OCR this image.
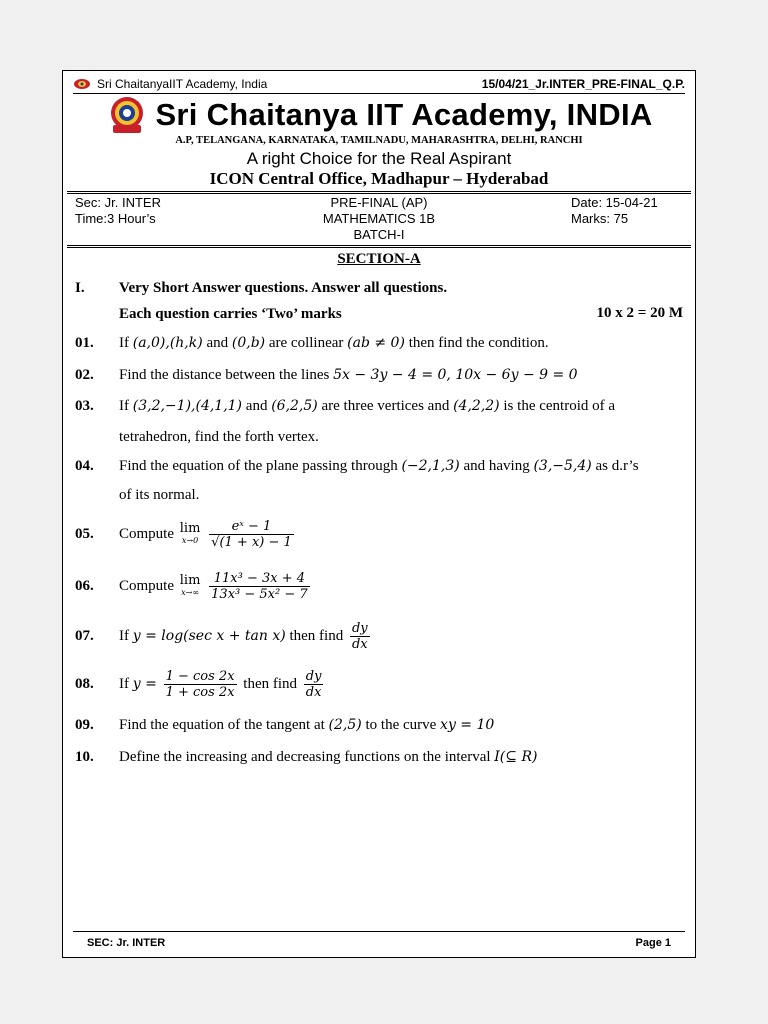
Sri ChaitanyaIIT Academy, India	15/04/21_Jr.INTER_PRE-FINAL_Q.P.
Sri Chaitanya IIT Academy, INDIA
A.P, TELANGANA, KARNATAKA, TAMILNADU, MAHARASHTRA, DELHI, RANCHI
A right Choice for the Real Aspirant
ICON Central Office, Madhapur – Hyderabad
Sec: Jr. INTER
Time:3 Hour’s
PRE-FINAL (AP)
MATHEMATICS 1B
BATCH-I
Date: 15-04-21
Marks: 75
SECTION-A
I. Very Short Answer questions. Answer all questions.
Each question carries ‘Two’ marks	10 x 2 = 20 M
01. If (a,0),(h,k) and (0,b) are collinear (ab ≠ 0) then find the condition.
02. Find the distance between the lines 5x − 3y − 4 = 0, 10x − 6y − 9 = 0
03. If (3,2,−1),(4,1,1) and (6,2,5) are three vertices and (4,2,2) is the centroid of a
tetrahedron, find the forth vertex.
04. Find the equation of the plane passing through (−2,1,3) and having (3,−5,4) as d.r’s
of its normal.
05. Compute lim
x→0
$\frac{\text{eˣ − 1}}{√(1 + x) - 1}$
06. Compute lim
x→∞
$\frac{\text{11x³ − 3x + 4}}{\text{13x³ − 5x² − 7}}$
07. If y = log(sec x + tan x) then find $\frac{dy}{dx}$
08. If $y = \frac{1 - \cos 2x}{1 + \cos 2x}$ then find $\frac{dy}{dx}$
09. Find the equation of the tangent at (2,5) to the curve xy = 10
10. Define the increasing and decreasing functions on the interval I(⊆ R)
SEC: Jr. INTER	Page 1
